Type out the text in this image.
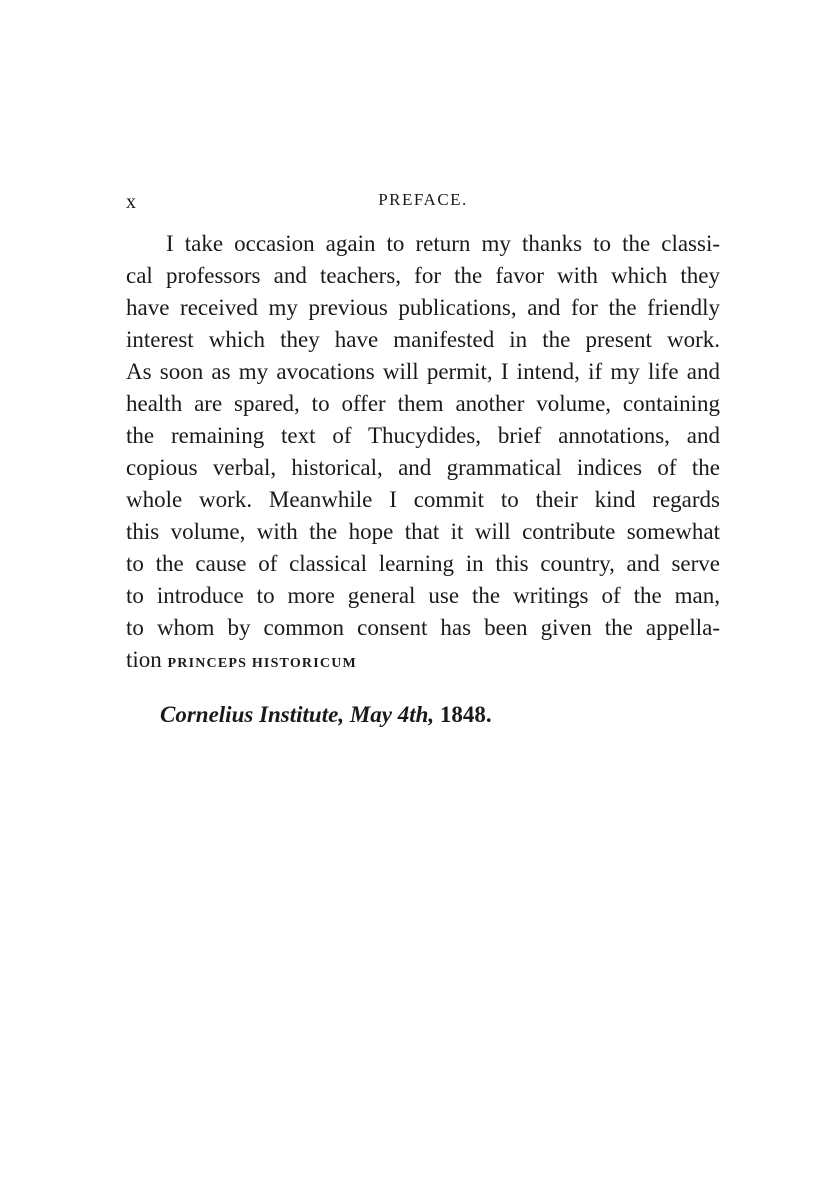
x	PREFACE.
I take occasion again to return my thanks to the classi-
cal professors and teachers, for the favor with which they
have received my previous publications, and for the friendly
interest which they have manifested in the present work.
As soon as my avocations will permit, I intend, if my life and
health are spared, to offer them another volume, containing
the remaining text of Thucydides, brief annotations, and
copious verbal, historical, and grammatical indices of the
whole work. Meanwhile I commit to their kind regards
this volume, with the hope that it will contribute somewhat
to the cause of classical learning in this country, and serve
to introduce to more general use the writings of the man,
to whom by common consent has been given the appella-
tion PRINCEPS HISTORICUM
Cornelius Institute, May 4th, 1848.
